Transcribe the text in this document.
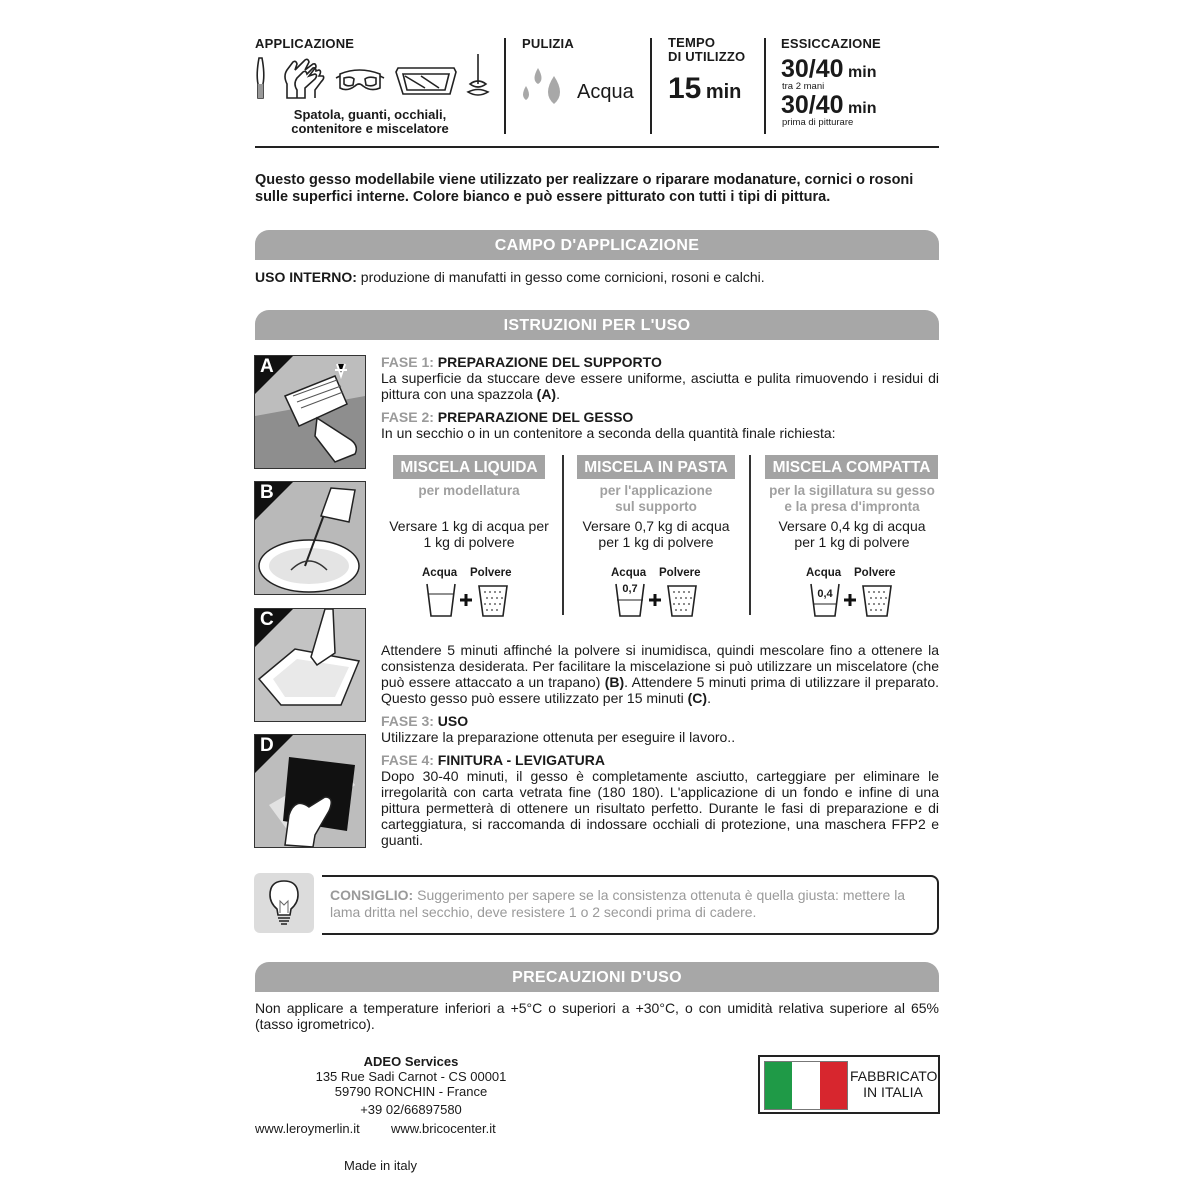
APPLICAZIONE
Spatola, guanti, occhiali,
contenitore e miscelatore
PULIZIA
Acqua
TEMPO
DI UTILIZZO
15 min
ESSICCAZIONE
30/40 min
tra 2 mani
30/40 min
prima di pitturare
Questo gesso modellabile viene utilizzato per realizzare o riparare modanature, cornici o rosoni
sulle superfici interne. Colore bianco e può essere pitturato con tutti i tipi di pittura.
CAMPO D'APPLICAZIONE

USO INTERNO: produzione di manufatti in gesso come cornicioni, rosoni e calchi.

ISTRUZIONI PER L'USO
A
B
C
D

FASE 1: PREPARAZIONE DEL SUPPORTO

La superficie da stuccare deve essere uniforme, asciutta e pulita rimuovendo i residui di pittura con una spazzola (A).

FASE 2: PREPARAZIONE DEL GESSO

In un secchio o in un contenitore a seconda della quantità finale richiesta:

MISCELA LIQUIDA
per modellatura
Versare 1 kg di acqua per
1 kg di polvere
Acqua Polvere
MISCELA IN PASTA
per l'applicazione
sul supporto
Versare 0,7 kg di acqua
per 1 kg di polvere
Acqua Polvere
0,7
MISCELA COMPATTA
per la sigillatura su gesso
e la presa d'impronta
Versare 0,4 kg di acqua
per 1 kg di polvere
Acqua Polvere
0,4

Attendere 5 minuti affinché la polvere si inumidisca, quindi mescolare fino a ottenere la consistenza desiderata. Per facilitare la miscelazione si può utilizzare un miscelatore (che può essere attaccato a un trapano) (B). Attendere 5 minuti prima di utilizzare il preparato. Questo gesso può essere utilizzato per 15 minuti (C).

FASE 3: USO

Utilizzare la preparazione ottenuta per eseguire il lavoro..

FASE 4: FINITURA - LEVIGATURA

Dopo 30-40 minuti, il gesso è completamente asciutto, carteggiare per eliminare le irregolarità con carta vetrata fine (180 180). L'applicazione di un fondo e infine di una pittura permetterà di ottenere un risultato perfetto. Durante le fasi di preparazione e di carteggiatura, si raccomanda di indossare occhiali di protezione, una maschera FFP2 e guanti.

CONSIGLIO: Suggerimento per sapere se la consistenza ottenuta è quella giusta: mettere la lama dritta nel secchio, deve resistere 1 o 2 secondi prima di cadere.

PRECAUZIONI D'USO

Non applicare a temperature inferiori a +5°C o superiori a +30°C, o con umidità relativa superiore al 65% (tasso igrometrico).

ADEO Services
135 Rue Sadi Carnot - CS 00001
59790 RONCHIN - France
+39 02/66897580
www.leroymerlin.it www.bricocenter.it
Made in italy
FABBRICATO
IN ITALIA
